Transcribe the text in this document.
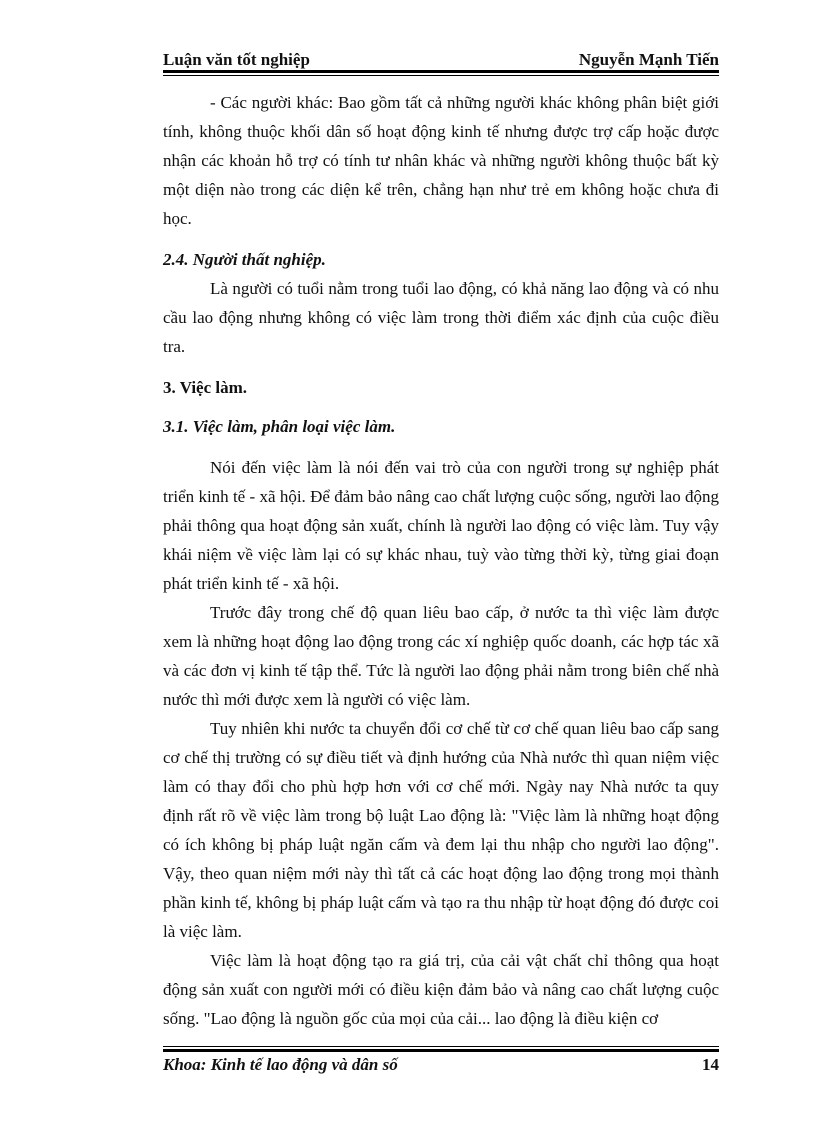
Luận văn tốt nghiệp	Nguyễn Mạnh Tiến

- Các người khác: Bao gồm tất cả những người khác không phân biệt giới tính, không thuộc khối dân số hoạt động kinh tế nhưng được trợ cấp hoặc được nhận các khoản hỗ trợ có tính tư nhân khác và những người không thuộc bất kỳ một diện nào trong các diện kể trên, chẳng hạn như trẻ em không hoặc chưa đi học.

2.4. Người thất nghiệp.

Là người có tuổi nằm trong tuổi lao động, có khả năng lao động và có nhu cầu lao động nhưng không có việc làm trong thời điểm xác định của cuộc điều tra.

3. Việc làm.
3.1. Việc làm, phân loại việc làm.

Nói đến việc làm là nói đến vai trò của con người trong sự nghiệp phát triển kinh tế - xã hội. Để đảm bảo nâng cao chất lượng cuộc sống, người lao động phải thông qua hoạt động sản xuất, chính là người lao động có việc làm. Tuy vậy khái niệm về việc làm lại có sự khác nhau, tuỳ vào từng thời kỳ, từng giai đoạn phát triển kinh tế - xã hội.

Trước đây trong chế độ quan liêu bao cấp, ở nước ta thì việc làm được xem là những hoạt động lao động trong các xí nghiệp quốc doanh, các hợp tác xã và các đơn vị kinh tế tập thể. Tức là người lao động phải nằm trong biên chế nhà nước thì mới được xem là người có việc làm.

Tuy nhiên khi nước ta chuyển đổi cơ chế từ cơ chế quan liêu bao cấp sang cơ chế thị trường có sự điều tiết và định hướng của Nhà nước thì quan niệm việc làm có thay đổi cho phù hợp hơn với cơ chế mới. Ngày nay Nhà nước ta quy định rất rõ về việc làm trong bộ luật Lao động là: "Việc làm là những hoạt động có ích không bị pháp luật ngăn cấm và đem lại thu nhập cho người lao động". Vậy, theo quan niệm mới này thì tất cả các hoạt động lao động trong mọi thành phần kinh tế, không bị pháp luật cấm và tạo ra thu nhập từ hoạt động đó được coi là việc làm.

Việc làm là hoạt động tạo ra giá trị, của cải vật chất chỉ thông qua hoạt động sản xuất con người mới có điều kiện đảm bảo và nâng cao chất lượng cuộc sống. "Lao động là nguồn gốc của mọi của cải... lao động là điều kiện cơ

Khoa: Kinh tế lao động và dân số	14
